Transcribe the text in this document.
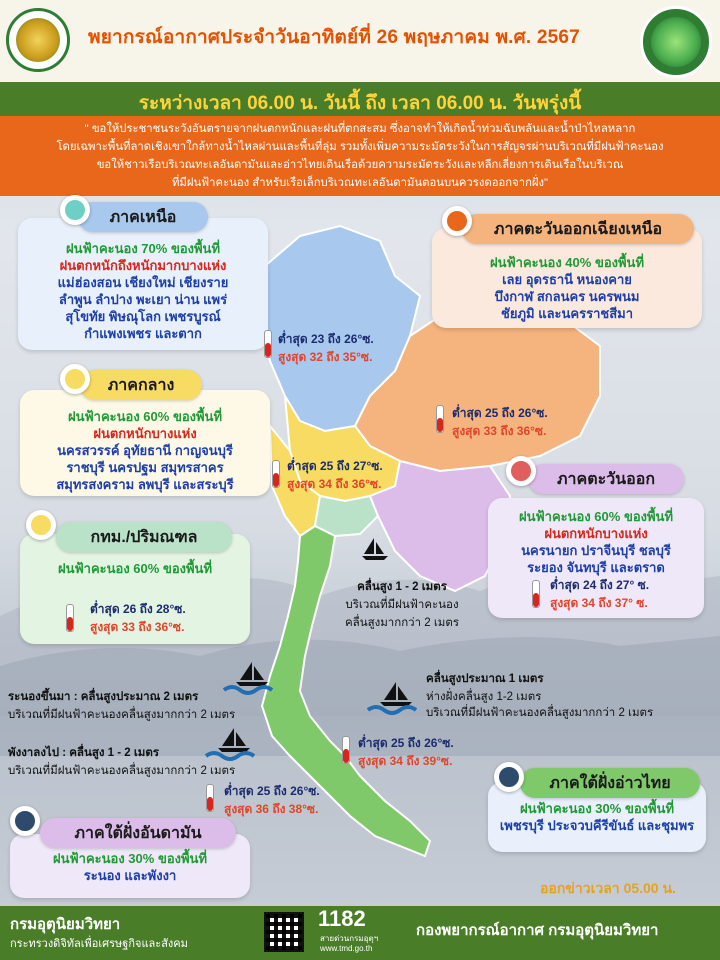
พยากรณ์อากาศประจำวันอาทิตย์ที่ 26 พฤษภาคม พ.ศ. 2567
ระหว่างเวลา 06.00 น. วันนี้ ถึง เวลา 06.00 น. วันพรุ่งนี้
" ขอให้ประชาชนระวังอันตรายจากฝนตกหนักและฝนที่ตกสะสม ซึ่งอาจทำให้เกิดน้ำท่วมฉับพลันและน้ำป่าไหลหลาก
โดยเฉพาะพื้นที่ลาดเชิงเขาใกล้ทางน้ำไหลผ่านและพื้นที่ลุ่ม รวมทั้งเพิ่มความระมัดระวังในการสัญจรผ่านบริเวณที่มีฝนฟ้าคะนอง
ขอให้ชาวเรือบริเวณทะเลอันดามันและอ่าวไทยเดินเรือด้วยความระมัดระวังและหลีกเลี่ยงการเดินเรือในบริเวณ
ที่มีฝนฟ้าคะนอง สำหรับเรือเล็กบริเวณทะเลอันดามันตอนบนควรงดออกจากฝั่ง"
ฝนฟ้าคะนอง 70% ของพื้นที่
ฝนตกหนักถึงหนักมากบางแห่ง
แม่ฮ่องสอน เชียงใหม่ เชียงราย
ลำพูน ลำปาง พะเยา น่าน แพร่
สุโขทัย พิษณุโลก เพชรบูรณ์
กำแพงเพชร และตาก
ภาคเหนือ
ต่ำสุด 23 ถึง 26°ซ.
สูงสุด 32 ถึง 35°ซ.
ฝนฟ้าคะนอง 40% ของพื้นที่
เลย อุดรธานี หนองคาย
บึงกาฬ สกลนคร นครพนม
ชัยภูมิ และนครราชสีมา
ภาคตะวันออกเฉียงเหนือ
ต่ำสุด 25 ถึง 26°ซ.
สูงสุด 33 ถึง 36°ซ.
ฝนฟ้าคะนอง 60% ของพื้นที่
ฝนตกหนักบางแห่ง
นครสวรรค์ อุทัยธานี กาญจนบุรี
ราชบุรี นครปฐม สมุทรสาคร
สมุทรสงคราม ลพบุรี และสระบุรี
ภาคกลาง
ต่ำสุด 25 ถึง 27°ซ.
สูงสุด 34 ถึง 36°ซ.
ฝนฟ้าคะนอง 60% ของพื้นที่
ฝนตกหนักบางแห่ง
นครนายก ปราจีนบุรี ชลบุรี
ระยอง จันทบุรี และตราด
ภาคตะวันออก
ต่ำสุด 24 ถึง 27° ซ.
สูงสุด 34 ถึง 37° ซ.
ฝนฟ้าคะนอง 60% ของพื้นที่
กทม./ปริมณฑล
ต่ำสุด 26 ถึง 28°ซ.
สูงสุด 33 ถึง 36°ซ.
คลื่นสูง 1 - 2 เมตร
บริเวณที่มีฝนฟ้าคะนอง
คลื่นสูงมากกว่า 2 เมตร
ระนองขึ้นมา : คลื่นสูงประมาณ 2 เมตร
บริเวณที่มีฝนฟ้าคะนองคลื่นสูงมากกว่า 2 เมตร
คลื่นสูงประมาณ 1 เมตร
ห่างฝั่งคลื่นสูง 1-2 เมตร
บริเวณที่มีฝนฟ้าคะนองคลื่นสูงมากกว่า 2 เมตร
พังงาลงไป : คลื่นสูง 1 - 2 เมตร
บริเวณที่มีฝนฟ้าคะนองคลื่นสูงมากกว่า 2 เมตร
ต่ำสุด 25 ถึง 26°ซ.
สูงสุด 34 ถึง 39°ซ.
ต่ำสุด 25 ถึง 26°ซ.
สูงสุด 36 ถึง 38°ซ.	ฝนฟ้าคะนอง 30% ของพื้นที่
เพชรบุรี ประจวบคีรีขันธ์ และชุมพร
ภาคใต้ฝั่งอ่าวไทย
ฝนฟ้าคะนอง 30% ของพื้นที่
ระนอง และพังงา
ภาคใต้ฝั่งอันดามัน
ออกข่าวเวลา 05.00 น.
กรมอุตุนิยมวิทยา
กระทรวงดิจิทัลเพื่อเศรษฐกิจและสังคม
1182
สายด่วนกรมอุตุฯ
www.tmd.go.th
กองพยากรณ์อากาศ กรมอุตุนิยมวิทยา
